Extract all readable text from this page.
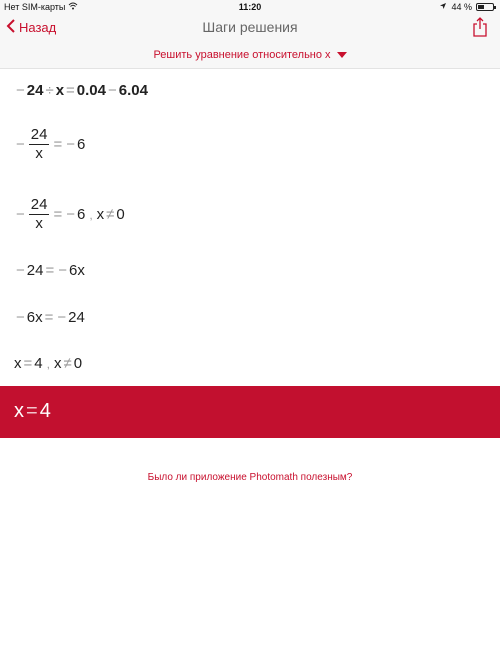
Нет SIM-карты	11:20	44 %
Назад	Шаги решения
Решить уравнение относительно x
− 24 ÷ x = 0.04 − 6.04
− $\frac{24}{x}$ = − 6
− $\frac{24}{x}$ = − 6 , x ≠ 0
− 24 = − 6 x
− 6 x = − 24
x = 4 , x ≠ 0
x = 4
Было ли приложение Photomath полезным?
